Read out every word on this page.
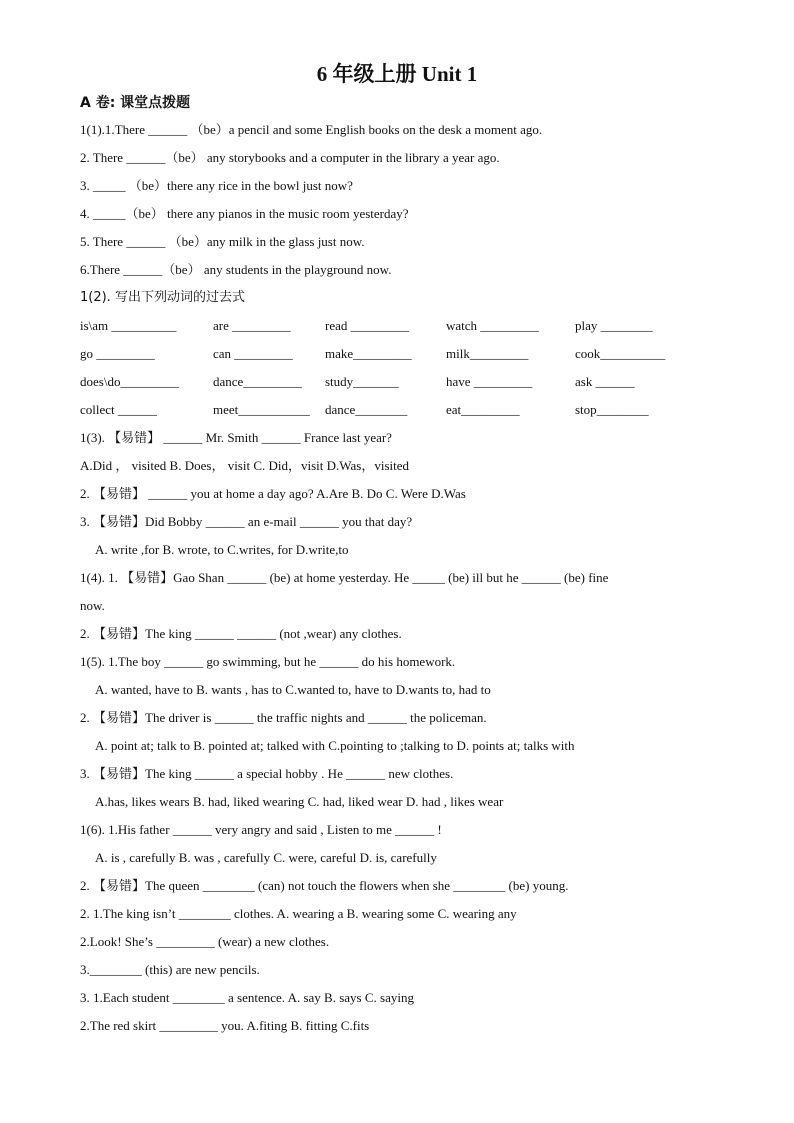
6 年级上册 Unit 1
A 卷: 课堂点拨题
1(1).1.There ______ （be）a pencil and some English books on the desk a moment ago.
2. There ______（be） any storybooks and a computer in the library a year ago.
3. _____ （be）there any rice in the bowl just now?
4. _____（be） there any pianos in the music room yesterday?
5. There ______ （be）any milk in the glass just now.
6.There ______（be） any students in the playground now.
1(2). 写出下列动词的过去式
is\am __________	are _________	read _________	watch _________	play ________
go _________	can _________ make_________	milk_________	cook__________
does\do_________	dance_________ study_______	have _________	ask ______
collect ______	meet___________ dance________	eat_________	stop________
1(3). 【易错】 ______ Mr. Smith ______ France last year?
A.Did ， visited B. Does， visit C. Did，visit D.Was，visited
2. 【易错】 ______ you at home a day ago? A.Are B. Do C. Were D.Was
3. 【易错】Did Bobby ______ an e-mail ______ you that day?
A. write ,for B. wrote, to C.writes, for D.write,to
1(4). 1. 【易错】Gao Shan ______ (be) at home yesterday. He _____ (be) ill but he ______ (be) fine
now.
2. 【易错】The king ______ ______ (not ,wear) any clothes.
1(5). 1.The boy ______ go swimming, but he ______ do his homework.
A. wanted, have to B. wants , has to C.wanted to, have to D.wants to, had to
2. 【易错】The driver is ______ the traffic nights and ______ the policeman.
A. point at; talk to B. pointed at; talked with C.pointing to ;talking to D. points at; talks with
3. 【易错】The king ______ a special hobby . He ______ new clothes.
A.has, likes wears B. had, liked wearing C. had, liked wear D. had , likes wear
1(6). 1.His father ______ very angry and said , Listen to me ______ !
A. is , carefully B. was , carefully C. were, careful D. is, carefully
2. 【易错】The queen ________ (can) not touch the flowers when she ________ (be) young.
2. 1.The king isn’t ________ clothes. A. wearing a B. wearing some C. wearing any
2.Look! She’s _________ (wear) a new clothes.
3.________ (this) are new pencils.
3. 1.Each student ________ a sentence. A. say B. says C. saying
2.The red skirt _________ you. A.fiting B. fitting C.fits
